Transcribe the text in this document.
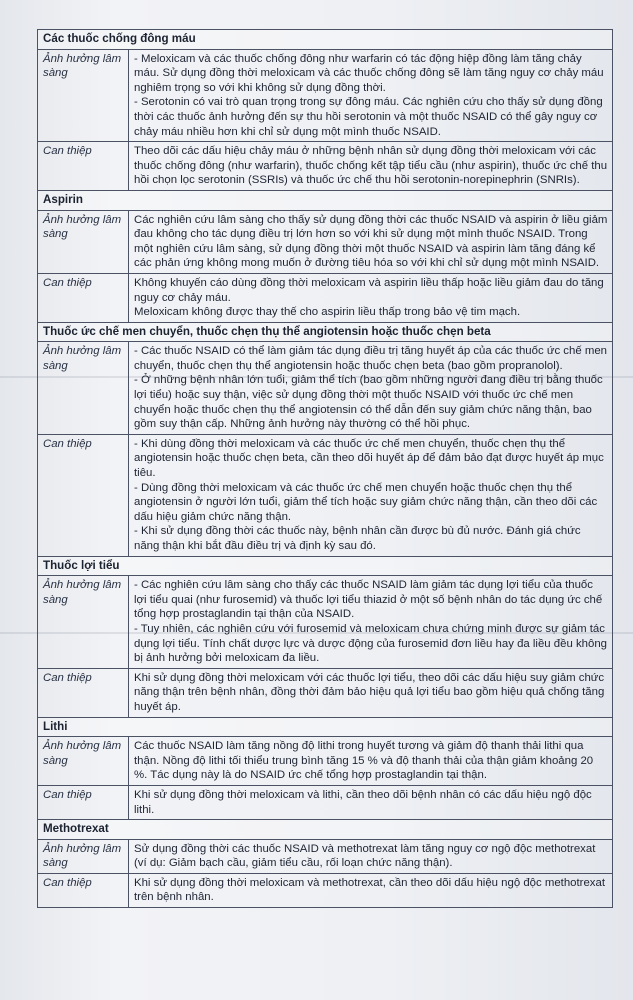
Các thuốc chống đông máu	
Ảnh hưởng lâm sàng	- Meloxicam và các thuốc chống đông như warfarin có tác động hiệp đồng làm tăng chảy máu. Sử dụng đồng thời meloxicam và các thuốc chống đông sẽ làm tăng nguy cơ chảy máu nghiêm trọng so với khi không sử dụng đồng thời.
- Serotonin có vai trò quan trọng trong sự đông máu. Các nghiên cứu cho thấy sử dụng đồng thời các thuốc ảnh hưởng đến sự thu hồi serotonin và một thuốc NSAID có thể gây nguy cơ chảy máu nhiều hơn khi chỉ sử dụng một mình thuốc NSAID.

Can thiệp	Theo dõi các dấu hiệu chảy máu ở những bệnh nhân sử dụng đồng thời meloxicam với các thuốc chống đông (như warfarin), thuốc chống kết tập tiểu cầu (như aspirin), thuốc ức chế thu hồi chọn lọc serotonin (SSRIs) và thuốc ức chế thu hồi serotonin-norepinephrin (SNRIs).

Aspirin	
Ảnh hưởng lâm sàng	Các nghiên cứu lâm sàng cho thấy sử dụng đồng thời các thuốc NSAID và aspirin ở liều giảm đau không cho tác dụng điều trị lớn hơn so với khi sử dụng một mình thuốc NSAID. Trong một nghiên cứu lâm sàng, sử dụng đồng thời một thuốc NSAID và aspirin làm tăng đáng kể các phản ứng không mong muốn ở đường tiêu hóa so với khi chỉ sử dụng một mình NSAID.

Can thiệp	Không khuyến cáo dùng đồng thời meloxicam và aspirin liều thấp hoặc liều giảm đau do tăng nguy cơ chảy máu.
Meloxicam không được thay thế cho aspirin liều thấp trong bảo vệ tim mạch.

Thuốc ức chế men chuyển, thuốc chẹn thụ thể angiotensin hoặc thuốc chẹn beta	
Ảnh hưởng lâm sàng	- Các thuốc NSAID có thể làm giảm tác dụng điều trị tăng huyết áp của các thuốc ức chế men chuyển, thuốc chẹn thụ thể angiotensin hoặc thuốc chẹn beta (bao gồm propranolol).
- Ở những bệnh nhân lớn tuổi, giảm thể tích (bao gồm những người đang điều trị bằng thuốc lợi tiểu) hoặc suy thận, việc sử dụng đồng thời một thuốc NSAID với thuốc ức chế men chuyển hoặc thuốc chẹn thụ thể angiotensin có thể dẫn đến suy giảm chức năng thận, bao gồm suy thận cấp. Những ảnh hưởng này thường có thể hồi phục.

Can thiệp	- Khi dùng đồng thời meloxicam và các thuốc ức chế men chuyển, thuốc chẹn thụ thể angiotensin hoặc thuốc chẹn beta, cần theo dõi huyết áp để đảm bảo đạt được huyết áp mục tiêu.
- Dùng đồng thời meloxicam và các thuốc ức chế men chuyển hoặc thuốc chẹn thụ thể angiotensin ở người lớn tuổi, giảm thể tích hoặc suy giảm chức năng thận, cần theo dõi các dấu hiệu giảm chức năng thận.
- Khi sử dụng đồng thời các thuốc này, bệnh nhân cần được bù đủ nước. Đánh giá chức năng thận khi bắt đầu điều trị và định kỳ sau đó.

Thuốc lợi tiểu	
Ảnh hưởng lâm sàng	- Các nghiên cứu lâm sàng cho thấy các thuốc NSAID làm giảm tác dụng lợi tiểu của thuốc lợi tiểu quai (như furosemid) và thuốc lợi tiểu thiazid ở một số bệnh nhân do tác dụng ức chế tổng hợp prostaglandin tại thận của NSAID.
- Tuy nhiên, các nghiên cứu với furosemid và meloxicam chưa chứng minh được sự giảm tác dụng lợi tiểu. Tính chất dược lực và dược động của furosemid đơn liều hay đa liều đều không bị ảnh hưởng bởi meloxicam đa liều.

Can thiệp	Khi sử dụng đồng thời meloxicam với các thuốc lợi tiểu, theo dõi các dấu hiệu suy giảm chức năng thận trên bệnh nhân, đồng thời đảm bảo hiệu quả lợi tiểu bao gồm hiệu quả chống tăng huyết áp.

Lithi	
Ảnh hưởng lâm sàng	Các thuốc NSAID làm tăng nồng độ lithi trong huyết tương và giảm độ thanh thải lithi qua thận. Nồng độ lithi tối thiểu trung bình tăng 15 % và độ thanh thải của thận giảm khoảng 20 %. Tác dụng này là do NSAID ức chế tổng hợp prostaglandin tại thận.

Can thiệp	Khi sử dụng đồng thời meloxicam và lithi, cần theo dõi bệnh nhân có các dấu hiệu ngộ độc lithi.

Methotrexat	
Ảnh hưởng lâm sàng	Sử dụng đồng thời các thuốc NSAID và methotrexat làm tăng nguy cơ ngộ độc methotrexat (ví dụ: Giảm bạch cầu, giảm tiểu cầu, rối loạn chức năng thận).

Can thiệp	Khi sử dụng đồng thời meloxicam và methotrexat, cần theo dõi dấu hiệu ngộ độc methotrexat trên bệnh nhân.
